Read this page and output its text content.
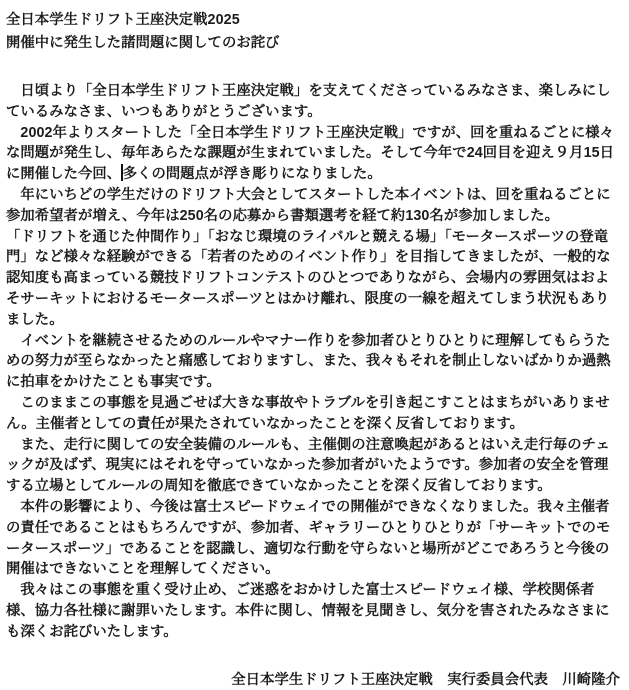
全日本学生ドリフト王座決定戦2025

開催中に発生した諸問題に関してのお詫び

　日頃より「全日本学生ドリフト王座決定戦」を支えてくださっているみなさま、楽しみにしているみなさま、いつもありがとうございます。

　2002年よりスタートした「全日本学生ドリフト王座決定戦」ですが、回を重ねるごとに様々な問題が発生し、毎年あらたな課題が生まれていました。そして今年で24回目を迎え９月15日に開催した今回、 多くの問題点が浮き彫りになりました。

　年にいちどの学生だけのドリフト大会としてスタートした本イベントは、回を重ねるごとに参加希望者が増え、今年は250名の応募から書類選考を経て約130名が参加しました。

「ドリフトを通じた仲間作り」「おなじ環境のライバルと競える場」「モータースポーツの登竜門」など様々な経験ができる「若者のためのイベント作り」を目指してきましたが、一般的な認知度も高まっている競技ドリフトコンテストのひとつでありながら、会場内の雰囲気はおよそサーキットにおけるモータースポーツとはかけ離れ、限度の一線を超えてしまう状況もありました。

　イベントを継続させるためのルールやマナー作りを参加者ひとりひとりに理解してもらうための努力が至らなかったと痛感しておりますし、また、我々もそれを制止しないばかりか過熱に拍車をかけたことも事実です。

　このままこの事態を見過ごせば大きな事故やトラブルを引き起こすことはまちがいありません。主催者としての責任が果たされていなかったことを深く反省しております。

　また、走行に関しての安全装備のルールも、主催側の注意喚起があるとはいえ走行毎のチェックが及ばず、現実にはそれを守っていなかった参加者がいたようです。参加者の安全を管理する立場としてルールの周知を徹底できていなかったことを深く反省しております。

　本件の影響により、今後は富士スピードウェイでの開催ができなくなりました。我々主催者の責任であることはもちろんですが、参加者、ギャラリーひとりひとりが「サーキットでのモータースポーツ」であることを認識し、適切な行動を守らないと場所がどこであろうと今後の開催はできないことを理解してください。

　我々はこの事態を重く受け止め、ご迷惑をおかけした富士スピードウェイ様、学校関係者様、協力各社様に謝罪いたします。本件に関し、情報を見聞きし、気分を害されたみなさまにも深くお詫びいたします。

全日本学生ドリフト王座決定戦　実行委員会代表　川崎隆介
